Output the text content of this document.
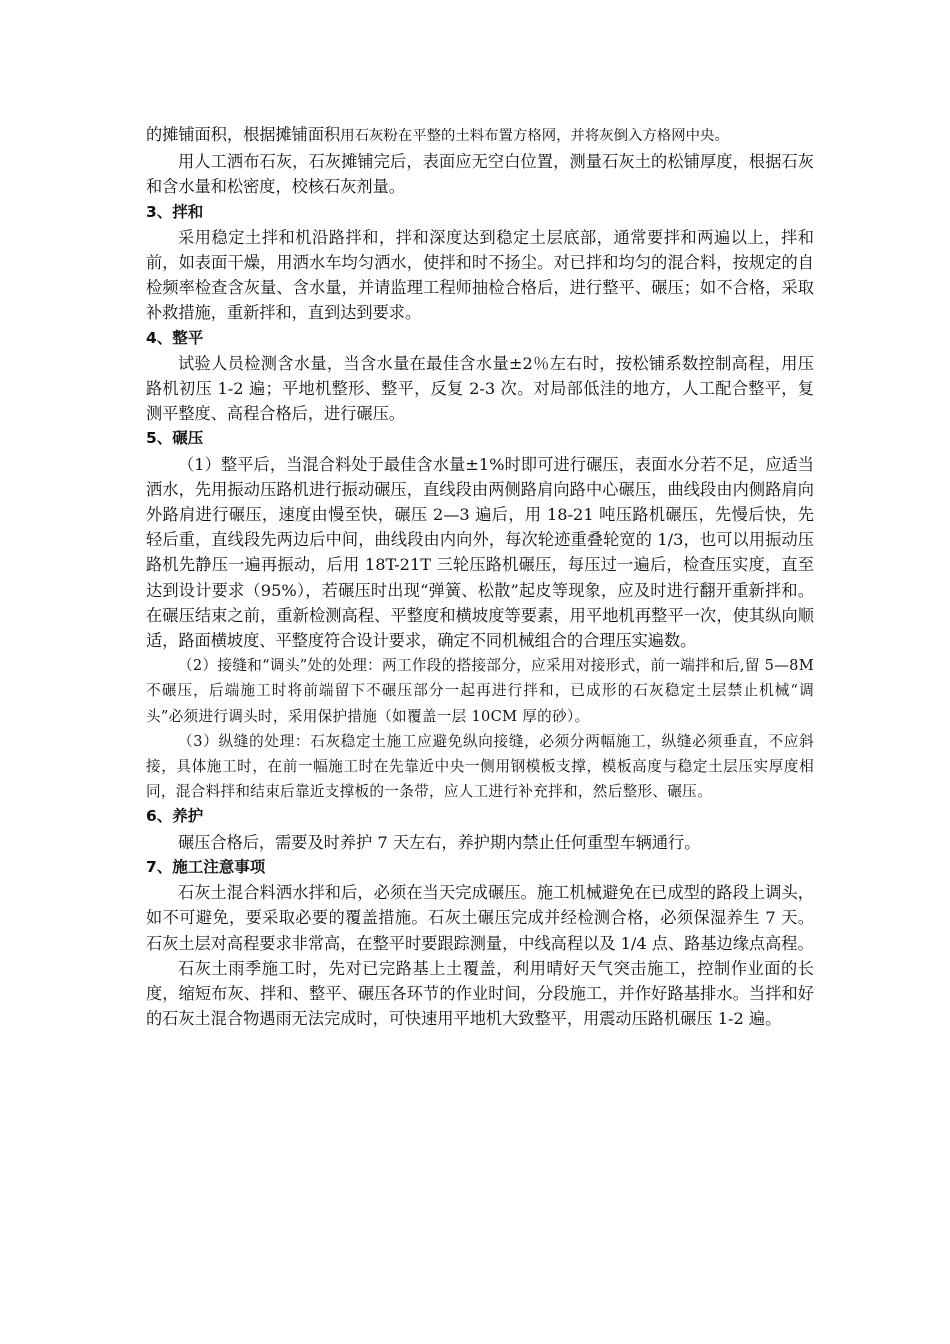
的摊铺面积，根据摊铺面积用石灰粉在平整的土料布置方格网，并将灰倒入方格网中央。

用人工洒布石灰，石灰摊铺完后，表面应无空白位置，测量石灰土的松铺厚度，根据石灰和含水量和松密度，校核石灰剂量。

3、拌和

采用稳定土拌和机沿路拌和，拌和深度达到稳定土层底部，通常要拌和两遍以上，拌和前，如表面干燥，用洒水车均匀洒水，使拌和时不扬尘。对已拌和均匀的混合料，按规定的自检频率检查含灰量、含水量，并请监理工程师抽检合格后，进行整平、碾压；如不合格，采取补救措施，重新拌和，直到达到要求。

4、整平

试验人员检测含水量，当含水量在最佳含水量±2％左右时，按松铺系数控制高程，用压路机初压 1-2 遍；平地机整形、整平，反复 2-3 次。对局部低洼的地方，人工配合整平，复测平整度、高程合格后，进行碾压。

5、碾压

（1）整平后，当混合料处于最佳含水量±1%时即可进行碾压，表面水分若不足，应适当洒水，先用振动压路机进行振动碾压，直线段由两侧路肩向路中心碾压，曲线段由内侧路肩向外路肩进行碾压，速度由慢至快，碾压 2—3 遍后，用 18-21 吨压路机碾压，先慢后快，先轻后重，直线段先两边后中间，曲线段由内向外，每次轮迹重叠轮宽的 1/3，也可以用振动压路机先静压一遍再振动，后用 18T-21T 三轮压路机碾压，每压过一遍后，检查压实度，直至达到设计要求（95%），若碾压时出现“弹簧、松散”起皮等现象，应及时进行翻开重新拌和。在碾压结束之前，重新检测高程、平整度和横坡度等要素，用平地机再整平一次，使其纵向顺适，路面横坡度、平整度符合设计要求，确定不同机械组合的合理压实遍数。

（2）接缝和“调头”处的处理：两工作段的搭接部分，应采用对接形式，前一端拌和后,留 5—8M 不碾压，后端施工时将前端留下不碾压部分一起再进行拌和，已成形的石灰稳定土层禁止机械“调头”必须进行调头时，采用保护措施（如覆盖一层 10CM 厚的砂）。

（3）纵缝的处理：石灰稳定土施工应避免纵向接缝，必须分两幅施工，纵缝必须垂直，不应斜接，具体施工时，在前一幅施工时在先靠近中央一侧用钢模板支撑，模板高度与稳定土层压实厚度相同，混合料拌和结束后靠近支撑板的一条带，应人工进行补充拌和，然后整形、碾压。

6、养护

碾压合格后，需要及时养护 7 天左右，养护期内禁止任何重型车辆通行。

7、施工注意事项

石灰土混合料洒水拌和后，必须在当天完成碾压。施工机械避免在已成型的路段上调头，如不可避免，要采取必要的覆盖措施。石灰土碾压完成并经检测合格，必须保湿养生 7 天。石灰土层对高程要求非常高，在整平时要跟踪测量，中线高程以及 1/4 点、路基边缘点高程。

石灰土雨季施工时，先对已完路基上土覆盖，利用晴好天气突击施工，控制作业面的长度，缩短布灰、拌和、整平、碾压各环节的作业时间，分段施工，并作好路基排水。当拌和好的石灰土混合物遇雨无法完成时，可快速用平地机大致整平，用震动压路机碾压 1-2 遍。
